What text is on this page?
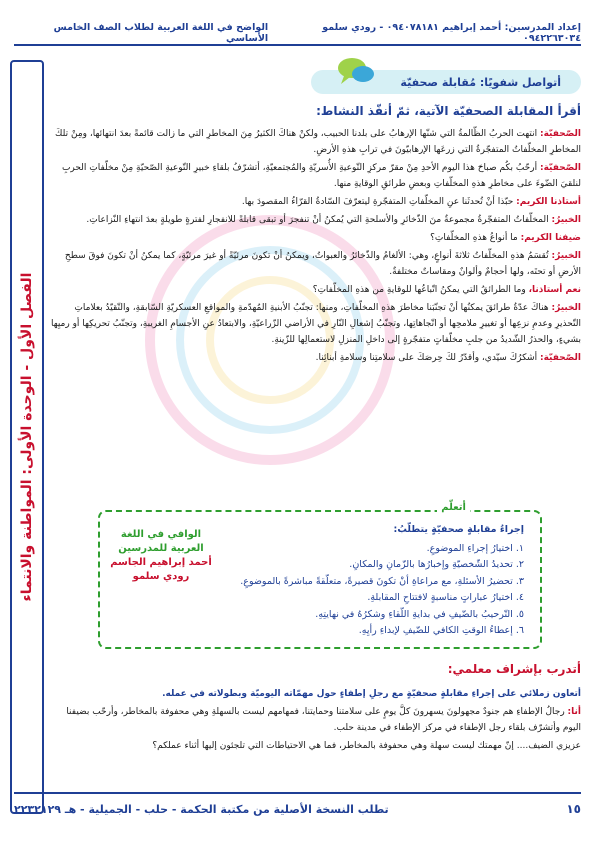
إعداد المدرسين: أحمد إبراهيم ٠٩٤٠٧٨١٨١ - رودي سلمو ٠٩٤٢٢٦٣٠٣٤
الواضح في اللغة العربية لطلاب الصف الخامس الأساسي
الفصل الأول - الوحدة الأولى: المواطنة والانتماء
أتواصل شفويًا: مُقابلة صحفيّة
أقرأ المقابلة الصحفيّة الآتية، ثمّ أنفّذ النشاط:

الصّحفيّة: انتهت الحربُ الظّالمةُ التي شنّها الإرهابُ على بلدنا الحبيب، ولكنْ هناكَ الكثيرُ مِنَ المخاطرِ التي ما زالت قائمةً بعدَ انتهائها، ومِنْ تلكَ المخاطرِ المخلّفاتُ المتفجّرةُ التي زرعَها الإرهابيّونَ في ترابِ هذهِ الأرضِ.

الصّحفيّة: أرحّبُ بكُم صباحَ هذا اليوم الأحدِ مِنْ مقرّ مركزِ التّوعيةِ الأُسريّةِ والمُجتمعيّةِ، أتشرّفُ بلقاءِ خبيرِ التّوعيةِ الصّحيّةِ مِنْ مخلّفاتِ الحربِ لنلقيَ الضّوءَ على مخاطرِ هذهِ المخلّفاتِ وبعضِ طرائقِ الوقايةِ منها.

أستاذنا الكريم: حبّذا أنْ تُحدثَنا عنِ المخلّفاتِ المتفجّرةِ ليتعرّفَ السّادةُ القرّاءُ المقصودَ بها.

الخبيرُ: المخلّفاتُ المتفجّرةُ مجموعةٌ منَ الذّخائرِ والأسلحةِ التي يُمكنُ أنْ تنفجرَ أو تبقى قابلةً للانفجارِ لفترةٍ طويلةٍ بعدَ انتهاءِ النّزاعاتِ.

ضيفنا الكريم: ما أنواعُ هذهِ المخلّفاتِ؟

الخبيرُ: تُقسَمُ هذهِ المخلّفاتُ ثلاثةَ أنواعٍ، وهي: الألغامُ والذّخائرُ والعبواتُ، ويمكنُ أنْ تكونَ مرئيّةً أو غيرَ مرئيّةٍ، كما يمكنُ أنْ تكونَ فوقَ سطحِ الأرضِ أو تحتَه، ولها أحجامٌ وألوانٌ ومقاساتٌ مختلفةٌ.

نعم أستاذنا، وما الطرائقُ التي يمكنُ اتّباعُها للوقايةِ من هذهِ المخلّفاتِ؟

الخبيرُ: هناكَ عدّةُ طرائقَ يمكنُها أنْ تجنّبَنا مخاطرَ هذهِ المخلّفاتِ، ومنها: تجنّبُ الأبنيةِ المُهدّمةِ والمواقعِ العسكريّةِ السّابقةِ، والتّقيّدُ بعلاماتِ التّحذيرِ وعدمِ نزعِها أو تغييرِ ملامحِها أو اتّجاهاتِها، وتجنّبُ إشعالِ النّارِ في الأراضي الزّراعيّةِ، والابتعادُ عنِ الأجسامِ الغريبةِ، وتجنّبُ تحريكِها أو رميِها بشيءٍ، والحذرُ الشّديدُ من جلبِ مخلّفاتٍ متفجّرةٍ إلى داخلِ المنزلِ لاستعمالِها للزّينةِ.

الصّحفيّة: أشكرُكَ سيّدي، وأقدّرُ لكَ حِرصَكَ على سلامتِنا وسلامةِ أبنائِنا.

أتعلّم
إجراءُ مقابلةٍ صحفيّةٍ يتطلّبُ:
١. اختيارُ إجراءِ الموضوعِ.
٢. تحديدُ الشّخصيّةِ وإخبارُها بالزّمانِ والمكانِ.
٣. تحضيرُ الأسئلةِ، مع مراعاةِ أنْ تكونَ قصيرةً، متعلّقةً مباشرةً بالموضوعِ.
٤. اختيارُ عباراتٍ مناسبةٍ لافتتاحِ المقابلةِ.
٥. التّرحيبُ بالضّيفِ في بدايةِ اللّقاءِ وشكرُهُ في نهايتِهِ.
٦. إعطاءُ الوقتِ الكافي للضّيفِ لإبداءِ رأيِهِ.
الوافي في اللغة العربية للمدرسين
أحمد إبراهيم الجاسم
رودي سلمو
أتدرب بإشراف معلمي:
أتعاون زملائي على إجراءِ مقابلةٍ صحفيّةٍ مع رجلِ إطفاءٍ حول مهمّاته اليوميّة وبطولاته في عمله.

أنا: رجالُ الإطفاءِ هم جنودٌ مجهولونَ يسهرونَ كلَّ يومٍ على سلامتنا وحمايتنا، فمهامهم ليست بالسهلةِ وهي محفوفة بالمخاطر، وأرحّب بضيفنا اليوم وأتشرّف بلقاء رجل الإطفاء في مركز الإطفاء في مدينة حلب.

عزيزي الضيف.... إنّ مهمتك ليست سهلة وهي محفوفة بالمخاطر، فما هي الاحتياطات التي تلجئون إليها أثناء عملكم؟

١٥
تطلب النسخة الأصلية من مكتبة الحكمة - حلب - الجميلية - هـ ٢٢٣٢١٢٩
